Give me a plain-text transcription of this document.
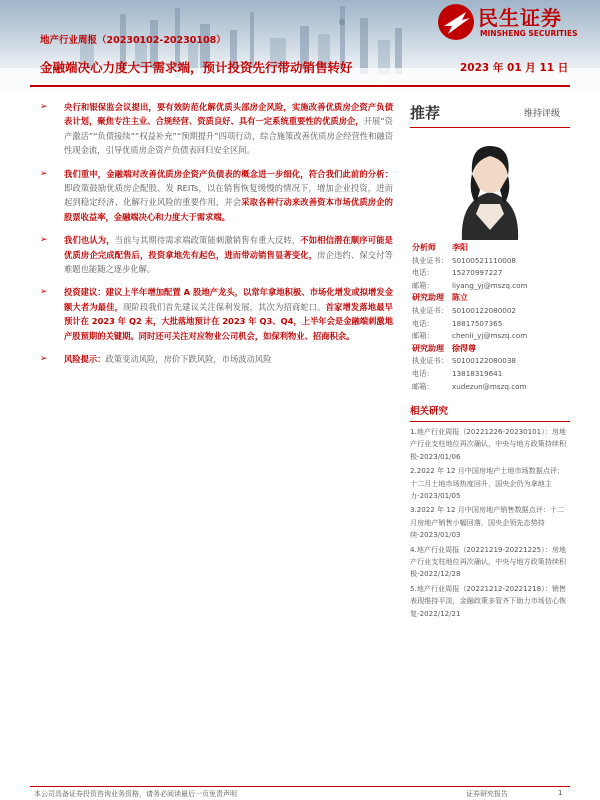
民生证券
MINSHENG SECURITIES
地产行业周报（20230102-20230108）
金融端决心力度大于需求端，预计投资先行带动销售转好	2023 年 01 月 11 日
➢ 央行和银保监会议提出，要有效防范化解优质头部房企风险，实施改善优质房企资产负债表计划，聚焦专注主业、合规经营、资质良好、具有一定系统重要性的优质房企，开展“资产激活”“负债接续”“权益补充”“预期提升”四项行动，综合施策改善优质房企经营性和融资性现金流，引导优质房企资产负债表回归安全区间。
➢ 我们重申，金融端对改善优质房企资产负债表的概念进一步细化，符合我们此前的分析：即政策鼓励优质房企配股、发 REITs，以在销售恢复缓慢的情况下，增加企业投资，进而起到稳定经济、化解行业风险的重要作用，并会采取各种行动来改善资本市场优质房企的股票收益率，金融端决心和力度大于需求端。
➢ 我们也认为，当前与其期待需求端政策能刺激销售有重大反转，不如相信潜在顺序可能是优质房企完成配售后，投资拿地先有起色，进而带动销售显著变化，房企违约、保交付等难题也能随之逐步化解。
➢ 投资建议：建议上半年增加配置 A 股地产龙头，以常年拿地积极、市场化增发或拟增发金额大者为最佳，现阶段我们首先建议关注保利发展，其次为招商蛇口。首家增发落地最早预计在 2023 年 Q2 末，大批落地预计在 2023 年 Q3、Q4，上半年会是金融端刺激地产股预期的关键期。同时还可关注对应物业公司机会，如保利物业、招商积余。
➢ 风险提示：政策变动风险，房价下跌风险，市场波动风险
推荐	维持评级
分析师 李阳
执业证书： S0100521110008
电话：	15270997227
邮箱：	liyang_yj@mszq.com
研究助理 陈立
执业证书： S0100122080002
电话：	18817507365
邮箱：	chenli_yj@mszq.com
研究助理 徐得尊
执业证书： S0100122080038
电话：	13818319641
邮箱：	xudezun@mszq.com
相关研究
1.地产行业周报（20221226-20230101）：房地产行业支柱地位再次确认，中央与地方政策持续积极-2023/01/06
2.2022 年 12 月中国房地产土地市场数据点评：十二月土地市场热度回升，国央企仍为拿地主力-2023/01/05
3.2022 年 12 月中国房地产销售数据点评：十二月房地产销售小幅回落，国央企领先态势持续-2023/01/03
4.地产行业周报（20221219-20221225）：房地产行业支柱地位再次确认，中央与地方政策持续积极-2022/12/28
5.地产行业周报（20221212-20221218）：销售表现维持平淡，金融政策多管齐下助力市场信心恢复-2022/12/21
本公司具备证券投资咨询业务资格，请务必阅读最后一页免责声明	证券研究报告	1
